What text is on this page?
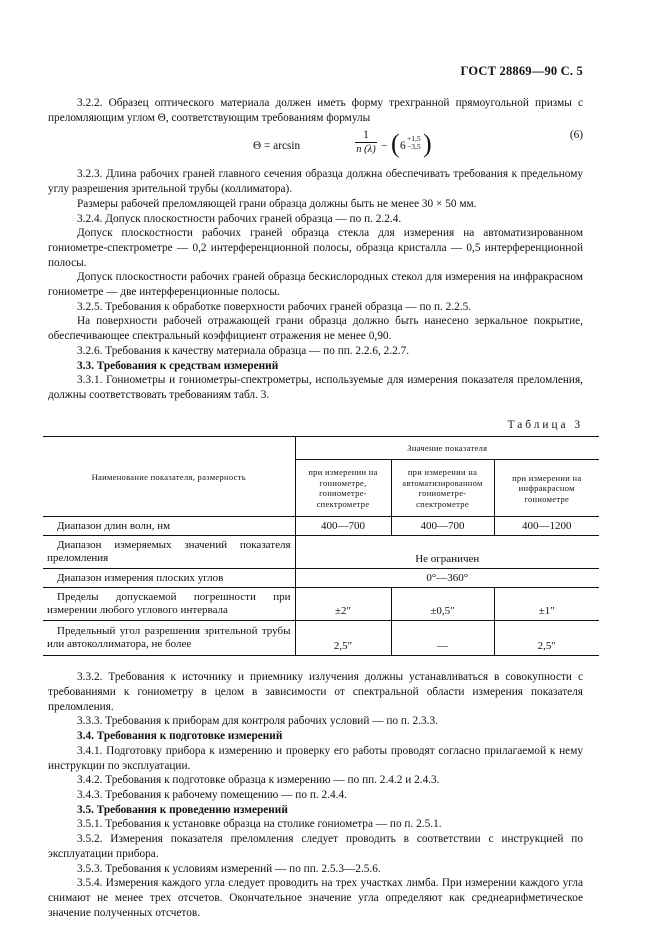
ГОСТ 28869—90 С. 5

3.2.2. Образец оптического материала должен иметь форму трехгранной прямоугольной призмы с преломляющим углом Θ, соответствующим требованиям формулы

Θ = arcsin	$\frac{1}{n (\lambda)}$ − ( 6
+1,5
−3,5 )	(6)

3.2.3. Длина рабочих граней главного сечения образца должна обеспечивать требования к предельному углу разрешения зрительной трубы (коллиматора).

Размеры рабочей преломляющей грани образца должны быть не менее 30 × 50 мм.

3.2.4. Допуск плоскостности рабочих граней образца — по п. 2.2.4.

Допуск плоскостности рабочих граней образца стекла для измерения на автоматизированном гониометре-спектрометре — 0,2 интерференционной полосы, образца кристалла — 0,5 интерференционной полосы.

Допуск плоскостности рабочих граней образца бескислородных стекол для измерения на инфракрасном гониометре — две интерференционные полосы.

3.2.5. Требования к обработке поверхности рабочих граней образца — по п. 2.2.5.

На поверхности рабочей отражающей грани образца должно быть нанесено зеркальное покрытие, обеспечивающее спектральный коэффициент отражения не менее 0,90.

3.2.6. Требования к качеству материала образца — по пп. 2.2.6, 2.2.7.

3.3. Требования к средствам измерений

3.3.1. Гониометры и гониометры-спектрометры, используемые для измерения показателя преломления, должны соответствовать требованиям табл. 3.

Таблица 3
Наименование показателя, размерность	Значение показателя		
	при измерении на гониометре, гониометре-спектрометре	при измерении на автоматизированном гониометре-спектрометре	при измерении на инфракрасном гониометре
Диапазон длин волн, нм	400—700	400—700	400—1200
Диапазон измеряемых значений показателя преломления	Не ограничен		
Диапазон измерения плоских углов	0°—360°		
Пределы допускаемой погрешности при измерении любого углового интервала	±2″	±0,5″	±1″
Предельный угол разрешения зрительной трубы или автоколлиматора, не более	2,5″	—	2,5″

3.3.2. Требования к источнику и приемнику излучения должны устанавливаться в совокупности с требованиями к гониометру в целом в зависимости от спектральной области измерения показателя преломления.

3.3.3. Требования к приборам для контроля рабочих условий — по п. 2.3.3.

3.4. Требования к подготовке измерений

3.4.1. Подготовку прибора к измерению и проверку его работы проводят согласно прилагаемой к нему инструкции по эксплуатации.

3.4.2. Требования к подготовке образца к измерению — по пп. 2.4.2 и 2.4.3.

3.4.3. Требования к рабочему помещению — по п. 2.4.4.

3.5. Требования к проведению измерений

3.5.1. Требования к установке образца на столике гониометра — по п. 2.5.1.

3.5.2. Измерения показателя преломления следует проводить в соответствии с инструкцией по эксплуатации прибора.

3.5.3. Требования к условиям измерений — по пп. 2.5.3—2.5.6.

3.5.4. Измерения каждого угла следует проводить на трех участках лимба. При измерении каждого угла снимают не менее трех отсчетов. Окончательное значение угла определяют как среднеарифметическое значение полученных отсчетов.
